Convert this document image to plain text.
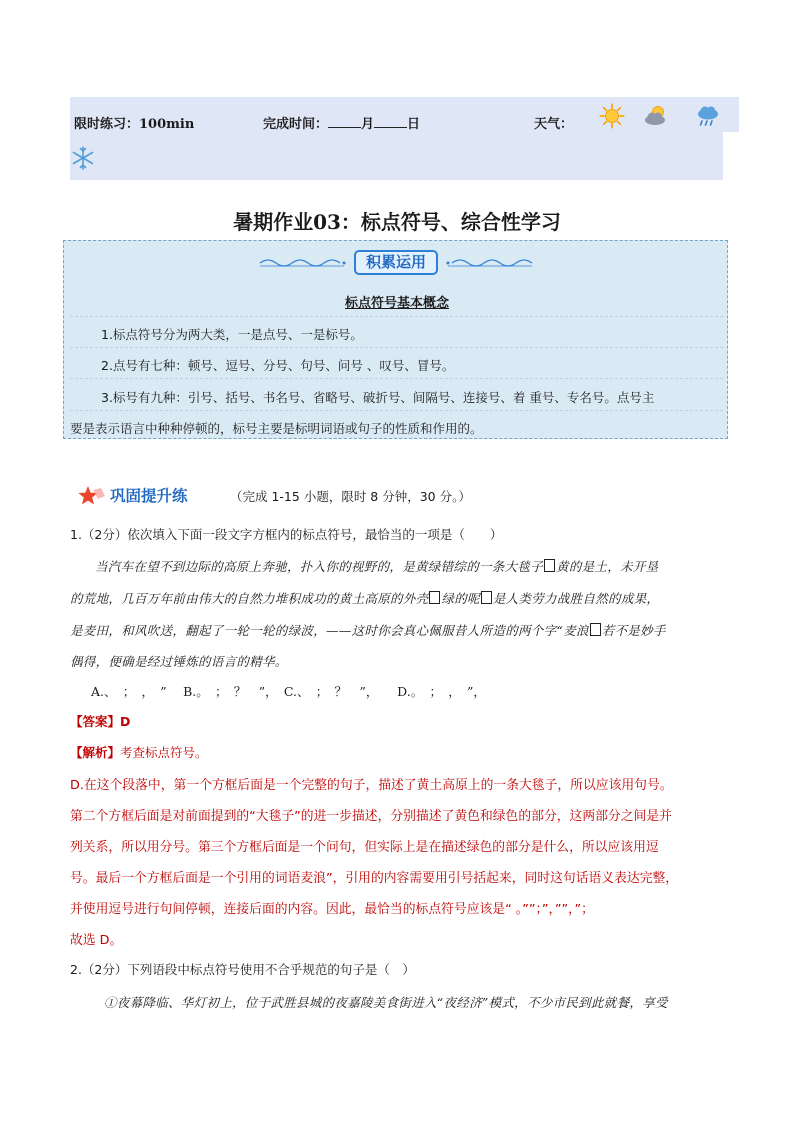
限时练习：100min	完成时间：	月	日	天气：
暑期作业03：标点符号、综合性学习
积累运用
标点符号基本概念
1.标点符号分为两大类，一是点号、一是标号。
2.点号有七种：顿号、逗号、分号、句号、问号 、叹号、冒号。
3.标号有九种：引号、括号、书名号、省略号、破折号、间隔号、连接号、着 重号、专名号。点号主
要是表示语言中种种停顿的，标号主要是标明词语或句子的性质和作用的。
巩固提升练	（完成 1-15 小题，限时 8 分钟，30 分。）
1.（2分）依次填入下面一段文字方框内的标点符号，最恰当的一项是（　　）
当汽车在望不到边际的高原上奔驰，扑入你的视野的，是黄绿错综的一条大毯子 黄的是土，未开垦
的荒地，几百万年前由伟大的自然力堆积成功的黄土高原的外壳 绿的呢 是人类劳力战胜自然的成果，
是麦田，和风吹送，翻起了一轮一轮的绿波，——这时你会真心佩服昔人所造的两个字“麦浪 若不是妙手
偶得，便确是经过锤炼的语言的精华。
A.、　；　，　” 　B.。　；　？　”，　C.、　；　？　”，　　D.。　；　，　”，
【答案】D
【解析】考查标点符号。
D.在这个段落中，第一个方框后面是一个完整的句子，描述了黄土高原上的一条大毯子，所以应该用句号。
第二个方框后面是对前面提到的“大毯子”的进一步描述，分别描述了黄色和绿色的部分，这两部分之间是并
列关系，所以用分号。第三个方框后面是一个问句，但实际上是在描述绿色的部分是什么，所以应该用逗
号。最后一个方框后面是一个引用的词语麦浪”，引用的内容需要用引号括起来，同时这句话语义表达完整，
并使用逗号进行句间停顿，连接后面的内容。因此，最恰当的标点符号应该是“ 。””；”，””，”；
故选 D。
2.（2分）下列语段中标点符号使用不合乎规范的句子是（　）
①夜幕降临、华灯初上，位于武胜县城的夜嘉陵美食街进入“夜经济”模式，不少市民到此就餐，享受
